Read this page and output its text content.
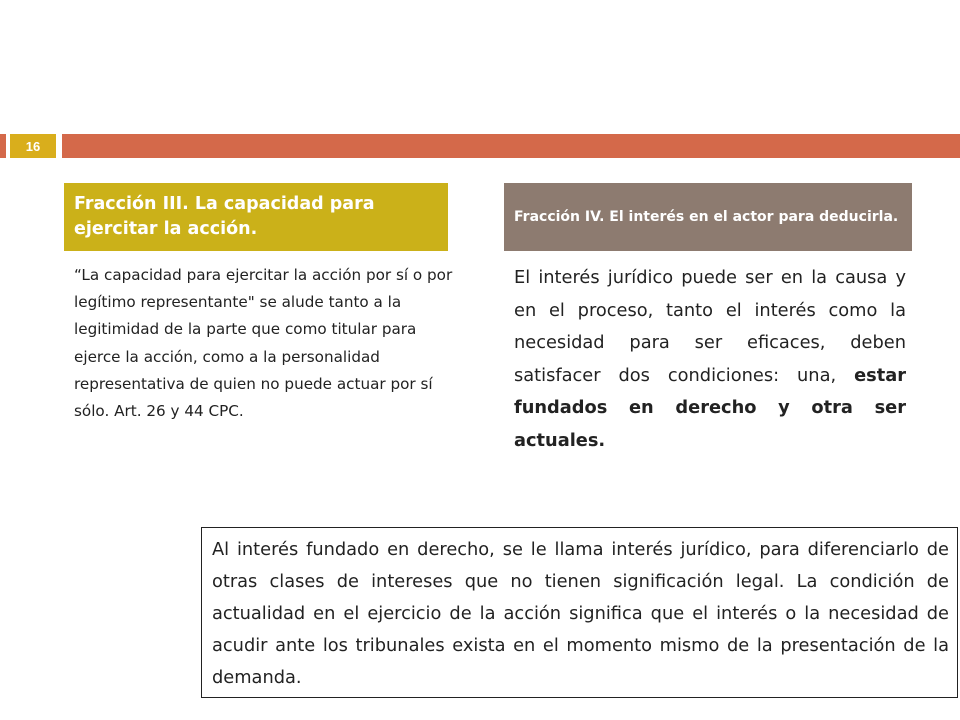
16
Fracción III. La capacidad para ejercitar la acción.
Fracción IV. El interés en el actor para deducirla.
“La capacidad para ejercitar la acción por sí o por legítimo representante" se alude tanto a la legitimidad de la parte que como titular para ejerce la acción, como a la personalidad representativa de quien no puede actuar por sí sólo. Art. 26 y 44 CPC.
El interés jurídico puede ser en la causa y en el proceso, tanto el interés como la necesidad para ser eficaces, deben satisfacer dos condiciones: una, estar fundados en derecho y otra ser actuales.
Al interés fundado en derecho, se le llama interés jurídico, para diferenciarlo de otras clases de intereses que no tienen significación legal. La condición de actualidad en el ejercicio de la acción significa que el interés o la necesidad de acudir ante los tribunales exista en el momento mismo de la presentación de la demanda.
